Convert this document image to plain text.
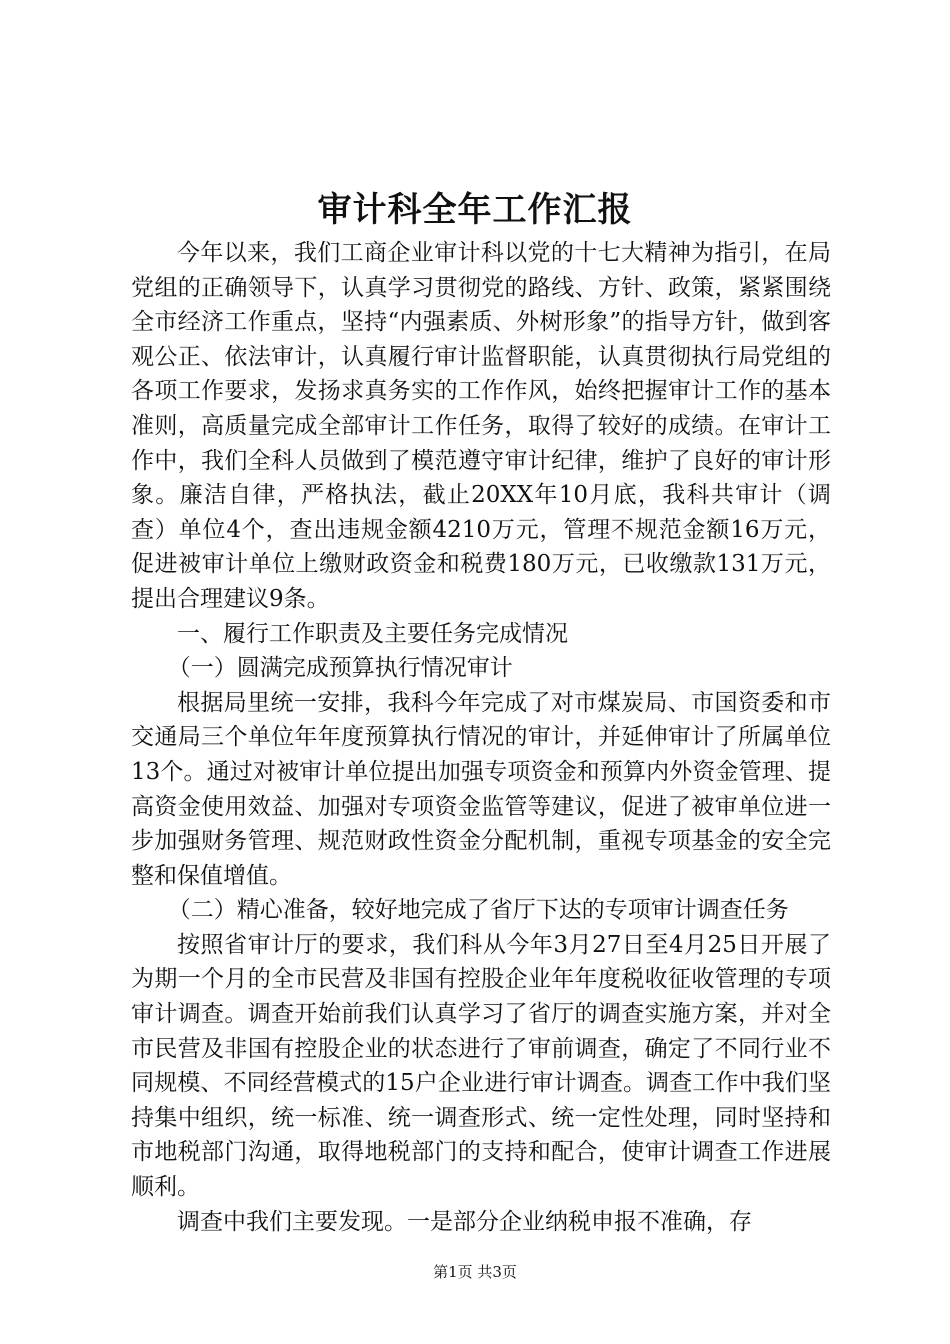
审计科全年工作汇报

今年以来，我们工商企业审计科以党的十七大精神为指引，在局党组的正确领导下，认真学习贯彻党的路线、方针、政策，紧紧围绕全市经济工作重点，坚持“内强素质、外树形象”的指导方针，做到客观公正、依法审计，认真履行审计监督职能，认真贯彻执行局党组的各项工作要求，发扬求真务实的工作作风，始终把握审计工作的基本准则，高质量完成全部审计工作任务，取得了较好的成绩。在审计工作中，我们全科人员做到了模范遵守审计纪律，维护了良好的审计形象。廉洁自律，严格执法，截止20XX年10月底，我科共审计（调查）单位4个，查出违规金额4210万元，管理不规范金额16万元，促进被审计单位上缴财政资金和税费180万元，已收缴款131万元，提出合理建议9条。

一、履行工作职责及主要任务完成情况

（一）圆满完成预算执行情况审计

根据局里统一安排，我科今年完成了对市煤炭局、市国资委和市交通局三个单位年年度预算执行情况的审计，并延伸审计了所属单位13个。通过对被审计单位提出加强专项资金和预算内外资金管理、提高资金使用效益、加强对专项资金监管等建议，促进了被审单位进一步加强财务管理、规范财政性资金分配机制，重视专项基金的安全完整和保值增值。

（二）精心准备，较好地完成了省厅下达的专项审计调查任务

按照省审计厅的要求，我们科从今年3月27日至4月25日开展了为期一个月的全市民营及非国有控股企业年年度税收征收管理的专项审计调查。调查开始前我们认真学习了省厅的调查实施方案，并对全市民营及非国有控股企业的状态进行了审前调查，确定了不同行业不同规模、不同经营模式的15户企业进行审计调查。调查工作中我们坚持集中组织，统一标准、统一调查形式、统一定性处理，同时坚持和市地税部门沟通，取得地税部门的支持和配合，使审计调查工作进展顺利。

调查中我们主要发现。一是部分企业纳税申报不准确，存

第1页 共3页
